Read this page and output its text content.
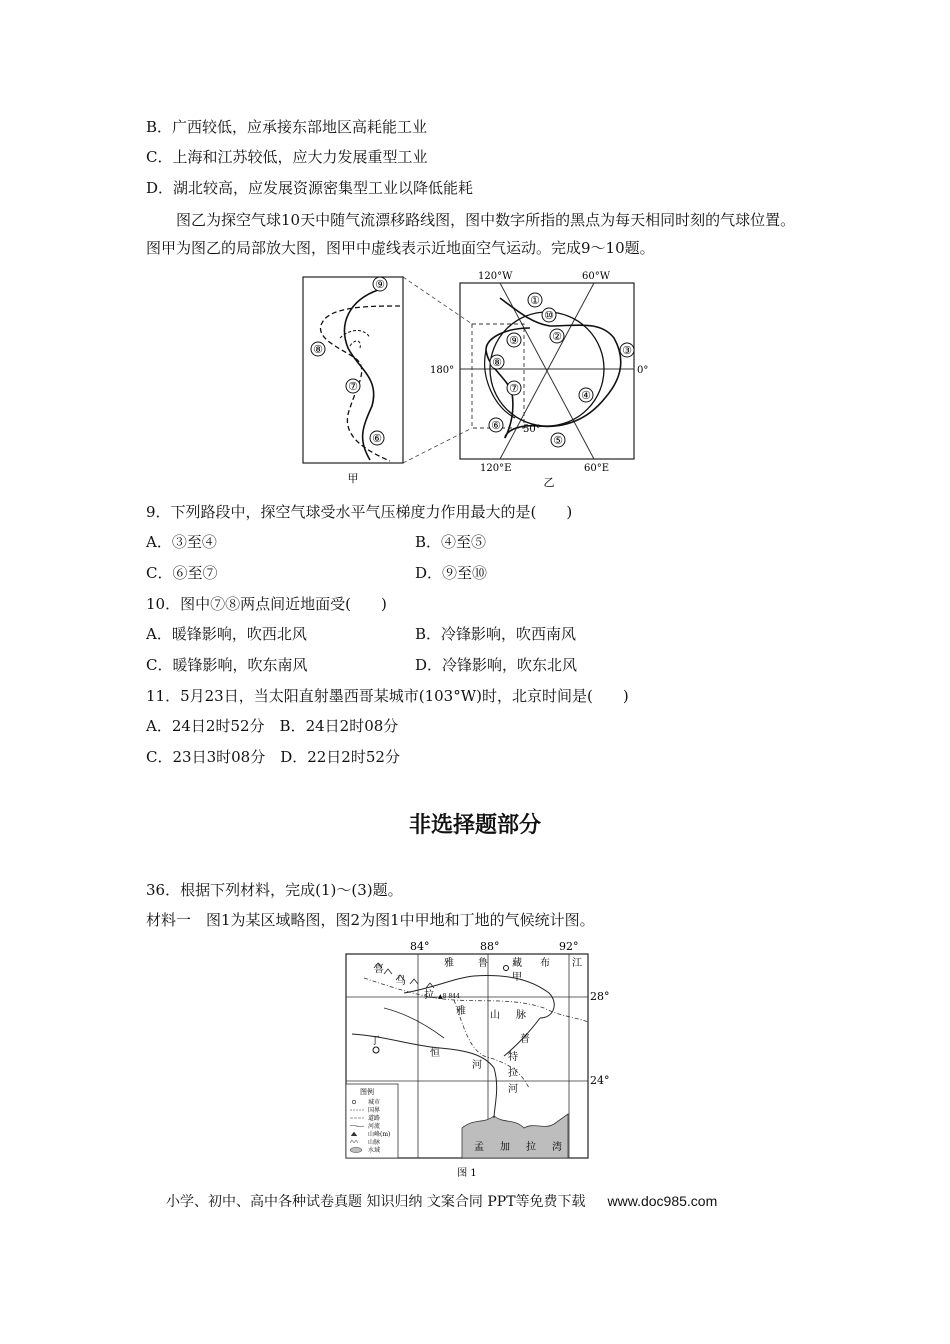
B．广西较低，应承接东部地区高耗能工业
C．上海和江苏较低，应大力发展重型工业
D．湖北较高，应发展资源密集型工业以降低能耗
图乙为探空气球10天中随气流漂移路线图，图中数字所指的黑点为每天相同时刻的气球位置。图甲为图乙的局部放大图，图甲中虚线表示近地面空气运动。完成9～10题。
⑨
⑧
⑦
⑥
甲
①
⑩
②
③
④
⑤
⑥
⑦
⑧
⑨
50°
120°W	60°W
180°	0°
120°E	60°E
乙
9．下列路段中，探空气球受水平气压梯度力作用最大的是(　　)
A．③至④	B．④至⑤
C．⑥至⑦	D．⑨至⑩
10．图中⑦⑧两点间近地面受(　　)
A．暖锋影响，吹西北风	B．冷锋影响，吹西南风
C．暖锋影响，吹东南风	D．冷锋影响，吹东北风
11．5月23日，当太阳直射墨西哥某城市(103°W)时，北京时间是(　　)
A．24日2时52分　B．24日2时08分
C．23日3时08分　D．22日2时52分
非选择题部分
36．根据下列材料，完成(1)～(3)题。
材料一　图1为某区域略图，图2为图1中甲地和丁地的气候统计图。
84°	88°	92°
28°
24°
雅 鲁 藏 布 江
甲
丁
喜
马
拉
雅 山 脉
▲8 844
恒
河
普
特
拉
河
孟 加 拉 湾
图例
城市
国界
道路
河流
山峰(m)
山脉
水域
图 1
小学、初中、高中各种试卷真题 知识归纳 文案合同 PPT等免费下载 www.doc985.com
